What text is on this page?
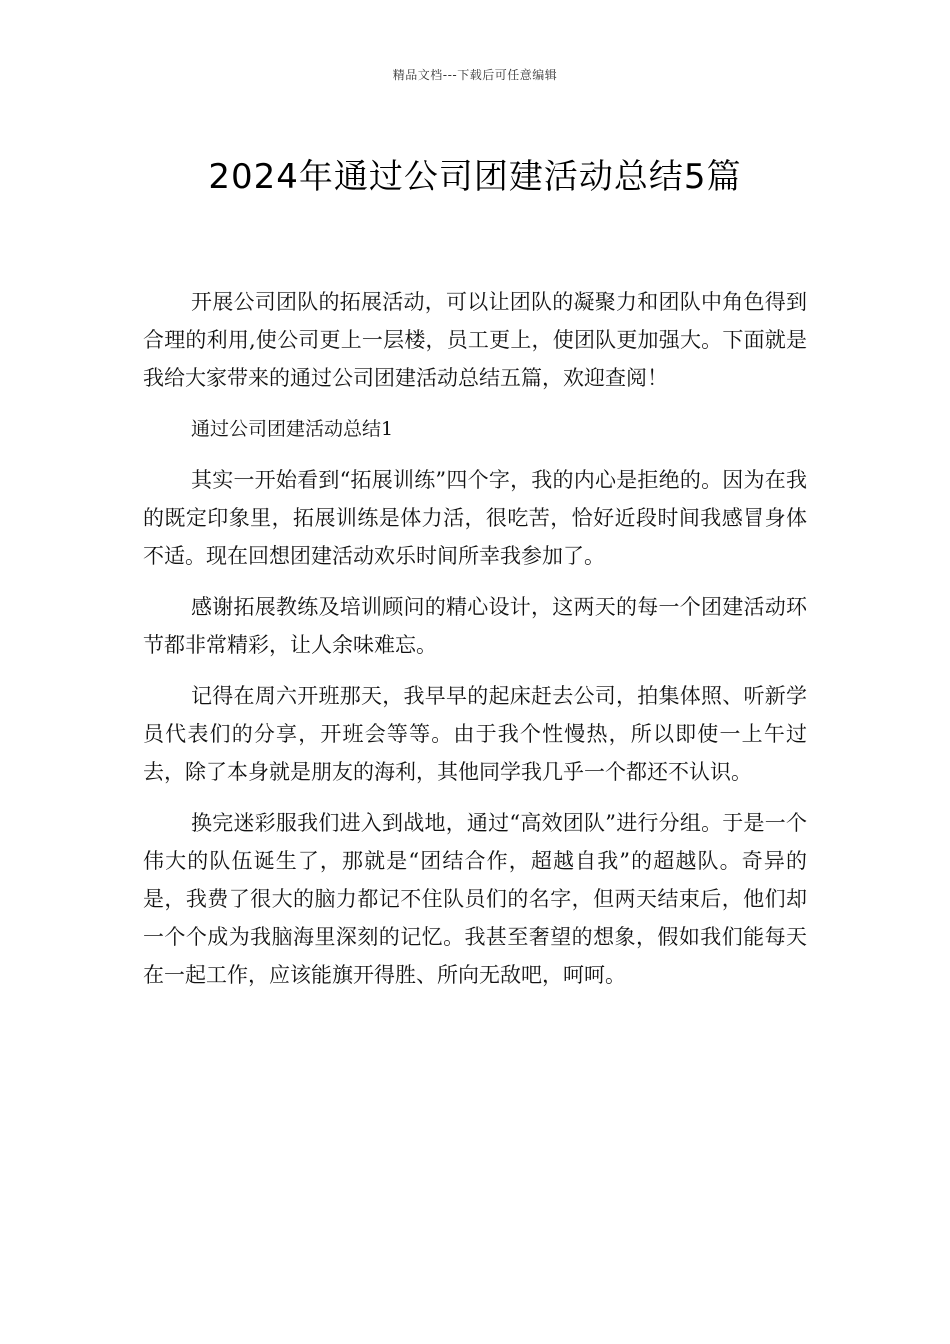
精品文档---下载后可任意编辑
2024年通过公司团建活动总结5篇

开展公司团队的拓展活动，可以让团队的凝聚力和团队中角色得到合理的利用,使公司更上一层楼，员工更上，使团队更加强大。下面就是我给大家带来的通过公司团建活动总结五篇，欢迎查阅！

通过公司团建活动总结1

其实一开始看到“拓展训练”四个字，我的内心是拒绝的。因为在我的既定印象里，拓展训练是体力活，很吃苦，恰好近段时间我感冒身体不适。现在回想团建活动欢乐时间所幸我参加了。

感谢拓展教练及培训顾问的精心设计，这两天的每一个团建活动环节都非常精彩，让人余味难忘。

记得在周六开班那天，我早早的起床赶去公司，拍集体照、听新学员代表们的分享，开班会等等。由于我个性慢热，所以即使一上午过去，除了本身就是朋友的海利，其他同学我几乎一个都还不认识。

换完迷彩服我们进入到战地，通过“高效团队”进行分组。于是一个伟大的队伍诞生了，那就是“团结合作，超越自我”的超越队。奇异的是，我费了很大的脑力都记不住队员们的名字，但两天结束后，他们却一个个成为我脑海里深刻的记忆。我甚至奢望的想象，假如我们能每天在一起工作，应该能旗开得胜、所向无敌吧，呵呵。
